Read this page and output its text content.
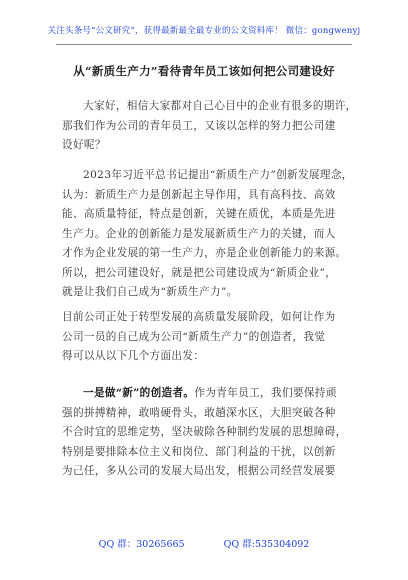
关注头条号“公文研究”，获得最新最全最专业的公文资料库！ 微信：gongwenyj
从“新质生产力”看待青年员工该如何把公司建设好
大家好，相信大家都对自己心目中的企业有很多的期许，
那我们作为公司的青年员工，又该以怎样的努力把公司建
设好呢？
2023年习近平总书记提出“新质生产力”创新发展理念，
认为：新质生产力是创新起主导作用，具有高科技、高效
能、高质量特征，特点是创新，关键在质优，本质是先进
生产力。企业的创新能力是发展新质生产力的关键，而人
才作为企业发展的第一生产力，亦是企业创新能力的来源。
所以，把公司建设好，就是把公司建设成为“新质企业”，
就是让我们自己成为“新质生产力”。
目前公司正处于转型发展的高质量发展阶段，如何让作为
公司一员的自己成为公司“新质生产力”的创造者，我觉
得可以从以下几个方面出发：
一是做“新”的创造者。作为青年员工，我们要保持顽
强的拼搏精神，敢啃硬骨头，敢趟深水区，大胆突破各种
不合时宜的思维定势，坚决破除各种制约发展的思想障碍，
特别是要排除本位主义和岗位、部门利益的干扰，以创新
为己任，多从公司的发展大局出发，根据公司经营发展要
QQ 群：30265665	QQ 群:535304092
